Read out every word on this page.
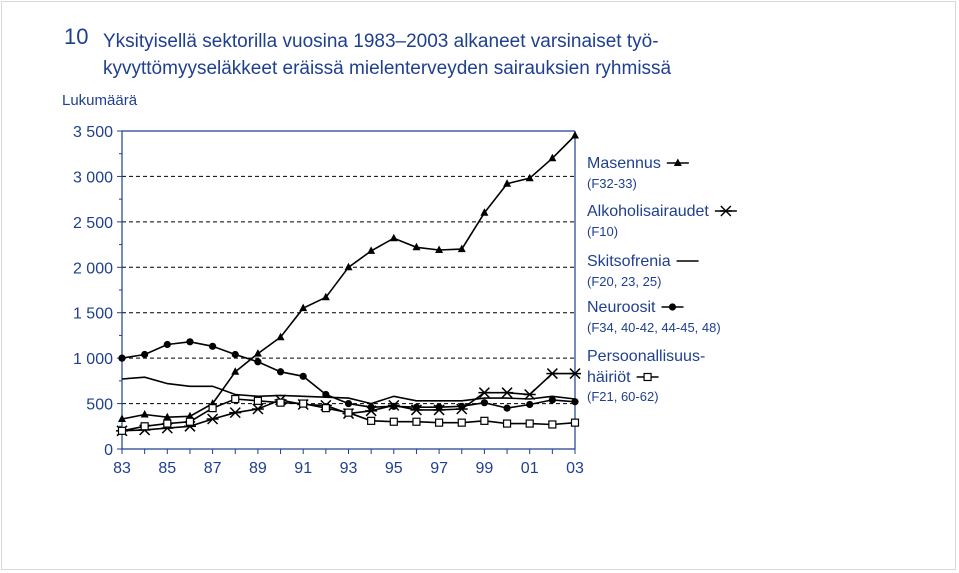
10 Yksityisellä sektorilla vuosina 1983–2003 alkaneet varsinaiset työ-
kyvyttömyyseläkkeet eräissä mielenterveyden sairauksien ryhmissä
Lukumäärä
0
500
1 000
1 500
2 000
2 500
3 000
3 500
83 85 87 89 91 93 95 97 99 01 03
Masennus
(F32-33)
Alkoholisairaudet
(F10)
Skitsofrenia
(F20, 23, 25)
Neuroosit
(F34, 40-42, 44-45, 48)
Persoonallisuus-
häiriöt
(F21, 60-62)
